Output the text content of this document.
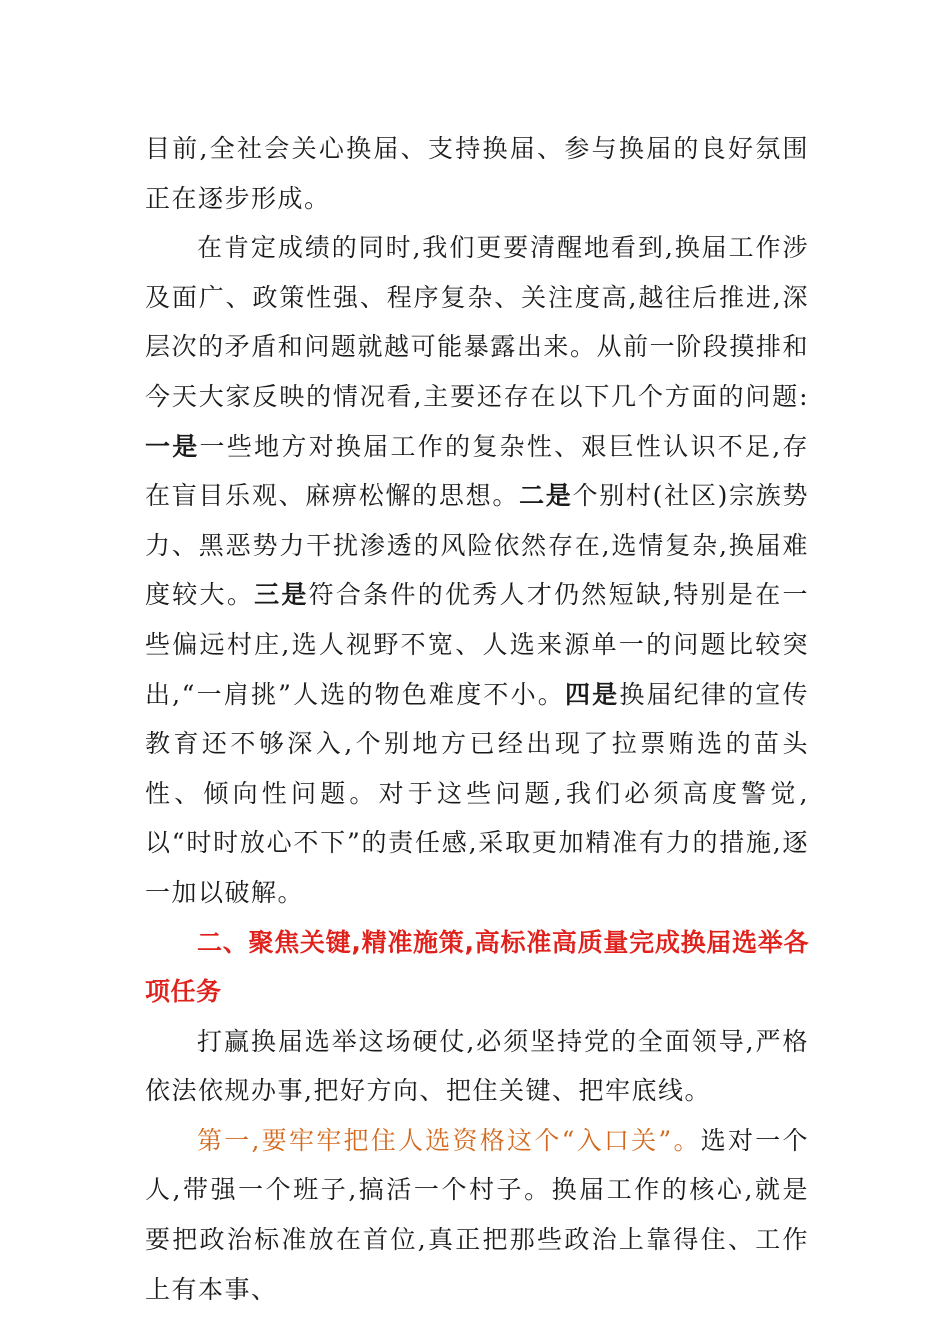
目前,全社会关心换届、支持换届、参与换届的良好氛围正在逐步形成。

在肯定成绩的同时,我们更要清醒地看到,换届工作涉及面广、政策性强、程序复杂、关注度高,越往后推进,深层次的矛盾和问题就越可能暴露出来。从前一阶段摸排和今天大家反映的情况看,主要还存在以下几个方面的问题: 一是一些地方对换届工作的复杂性、艰巨性认识不足,存在盲目乐观、麻痹松懈的思想。二是个别村(社区)宗族势力、黑恶势力干扰渗透的风险依然存在,选情复杂,换届难度较大。三是符合条件的优秀人才仍然短缺,特别是在一些偏远村庄,选人视野不宽、人选来源单一的问题比较突出,“一肩挑”人选的物色难度不小。四是换届纪律的宣传教育还不够深入,个别地方已经出现了拉票贿选的苗头性、倾向性问题。对于这些问题,我们必须高度警觉,以“时时放心不下”的责任感,采取更加精准有力的措施,逐一加以破解。

二、聚焦关键,精准施策,高标准高质量完成换届选举各项任务

打赢换届选举这场硬仗,必须坚持党的全面领导,严格依法依规办事,把好方向、把住关键、把牢底线。

第一,要牢牢把住人选资格这个“入口关”。选对一个人,带强一个班子,搞活一个村子。换届工作的核心,就是要把政治标准放在首位,真正把那些政治上靠得住、工作上有本事、
